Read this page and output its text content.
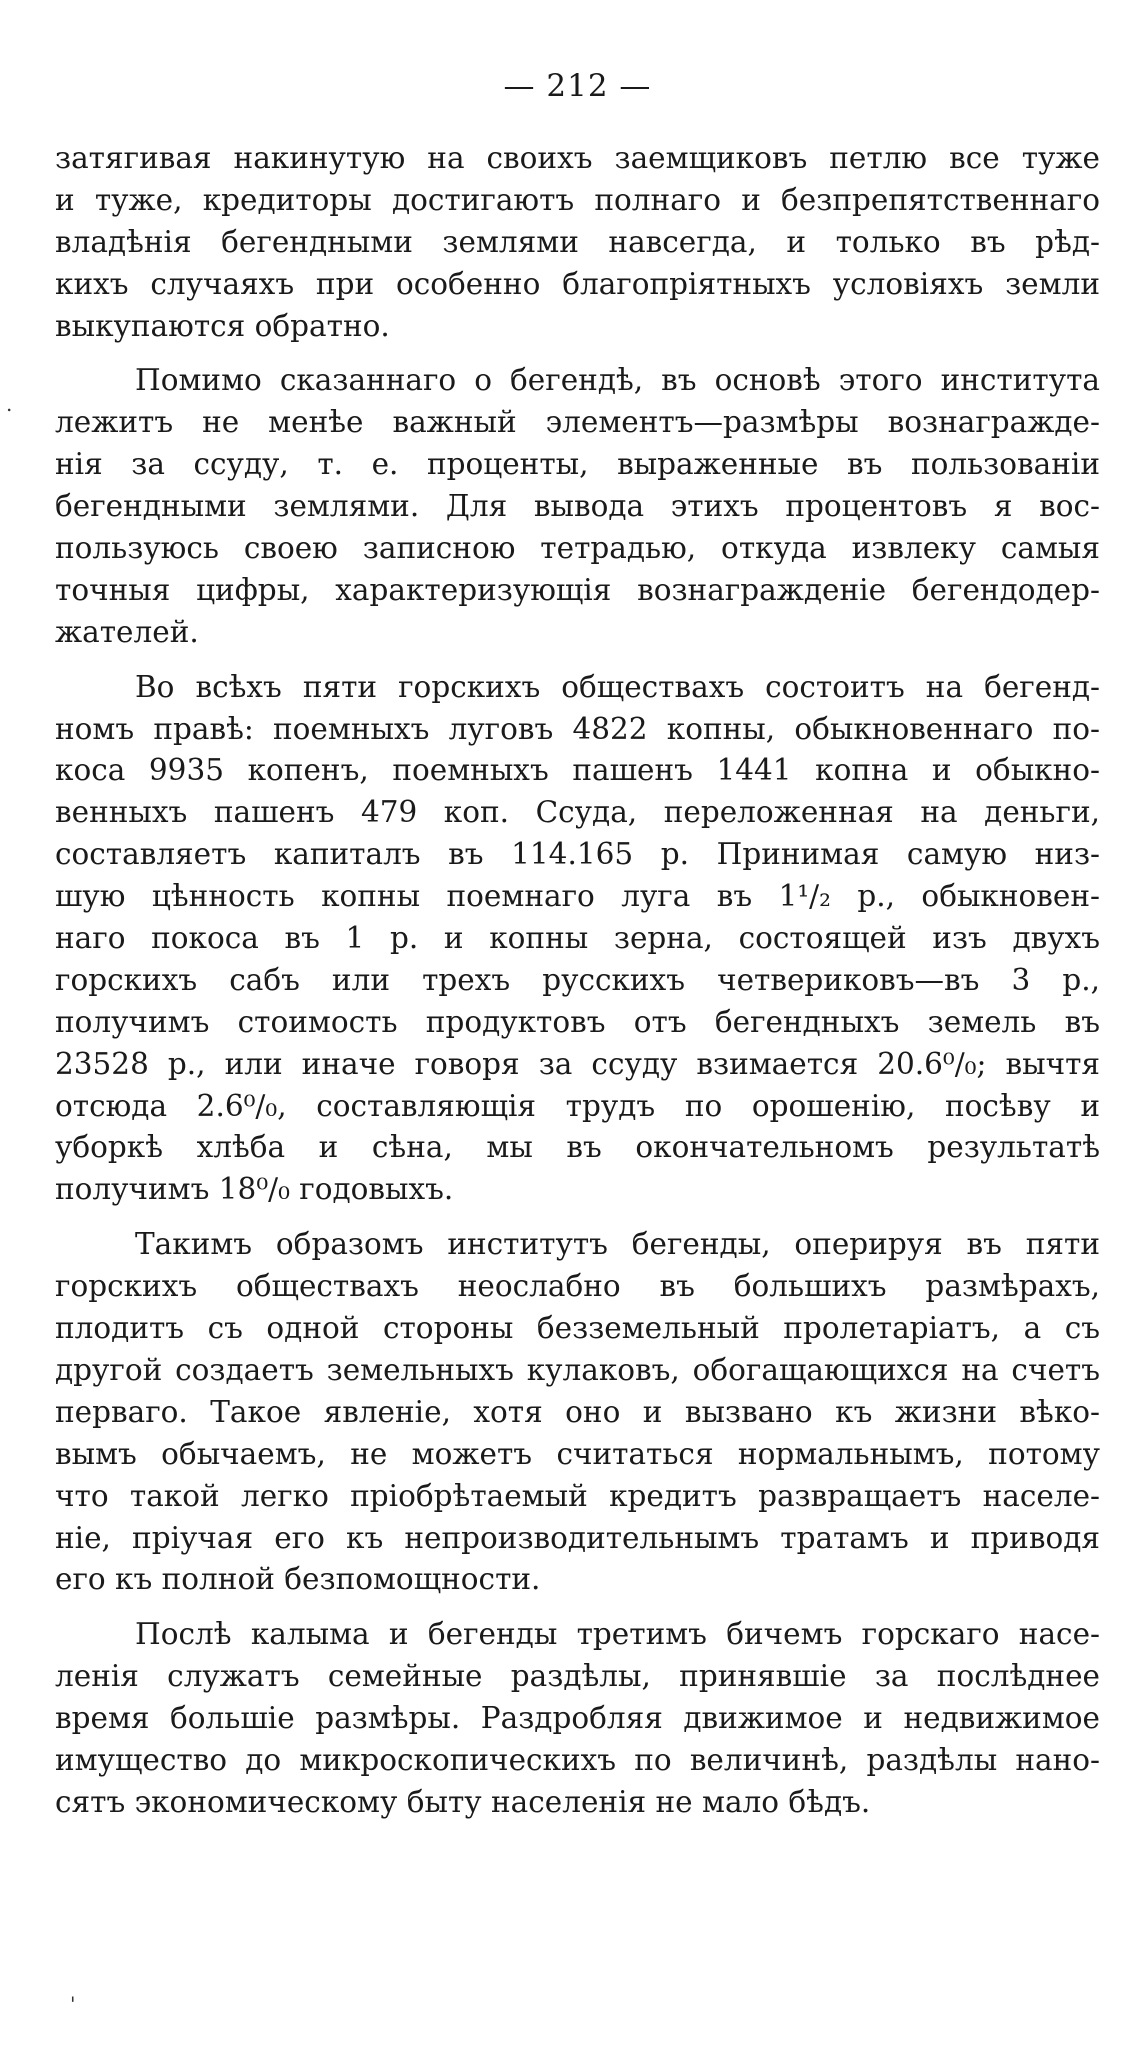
— 212 —
затягивая накинутую на своихъ заемщиковъ петлю все туже
и туже, кредиторы достигаютъ полнаго и безпрепятственнаго
владѣнія бегендными землями навсегда, и только въ рѣд-
кихъ случаяхъ при особенно благопріятныхъ условіяхъ земли
выкупаются обратно.
Помимо сказаннаго о бегендѣ, въ основѣ этого института
лежитъ не менѣе важный элементъ—размѣры вознагражде-
нія за ссуду, т. е. проценты, выраженные въ пользованіи
бегендными землями. Для вывода этихъ процентовъ я вос-
пользуюсь своею записною тетрадью, откуда извлеку самыя
точныя цифры, характеризующія вознагражденіе бегендодер-
жателей.
Во всѣхъ пяти горскихъ обществахъ состоитъ на бегенд-
номъ правѣ: поемныхъ луговъ 4822 копны, обыкновеннаго по-
коса 9935 копенъ, поемныхъ пашенъ 1441 копна и обыкно-
венныхъ пашенъ 479 коп. Ссуда, переложенная на деньги,
составляетъ капиталъ въ 114.165 р. Принимая самую низ-
шую цѣнность копны поемнаго луга въ 1¹/₂ р., обыкновен-
наго покоса въ 1 р. и копны зерна, состоящей изъ двухъ
горскихъ сабъ или трехъ русскихъ четвериковъ—въ 3 р.,
получимъ стоимость продуктовъ отъ бегендныхъ земель въ
23528 р., или иначе говоря за ссуду взимается 20.6⁰/₀; вычтя
отсюда 2.6⁰/₀, составляющія трудъ по орошенію, посѣву и
уборкѣ хлѣба и сѣна, мы въ окончательномъ результатѣ
получимъ 18⁰/₀ годовыхъ.
Такимъ образомъ институтъ бегенды, оперируя въ пяти
горскихъ обществахъ неослабно въ большихъ размѣрахъ,
плодитъ съ одной стороны безземельный пролетаріатъ, а съ
другой создаетъ земельныхъ кулаковъ, обогащающихся на счетъ
перваго. Такое явленіе, хотя оно и вызвано къ жизни вѣко-
вымъ обычаемъ, не можетъ считаться нормальнымъ, потому
что такой легко пріобрѣтаемый кредитъ развращаетъ населе-
ніе, пріучая его къ непроизводительнымъ тратамъ и приводя
его къ полной безпомощности.
Послѣ калыма и бегенды третимъ бичемъ горскаго насе-
ленія служатъ семейные раздѣлы, принявшіе за послѣднее
время большіе размѣры. Раздробляя движимое и недвижимое
имущество до микроскопическихъ по величинѣ, раздѣлы нано-
сятъ экономическому быту населенія не мало бѣдъ.
.
'
